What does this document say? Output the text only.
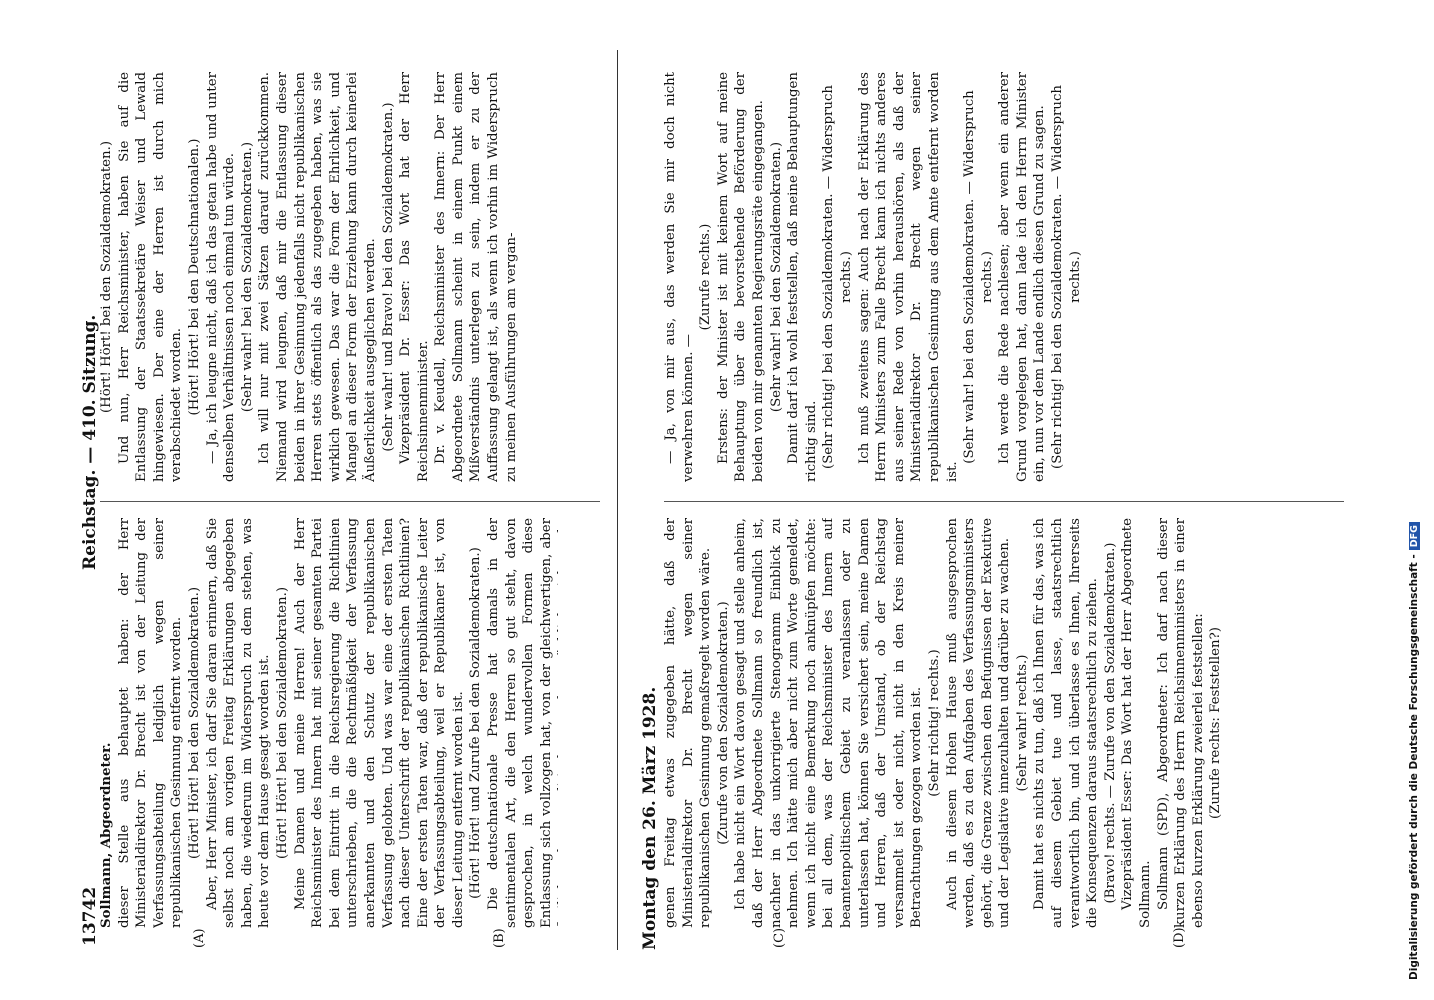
13742
Reichstag. — 410. Sitzung.
(A)	(B)

Sollmann, Abgeordneter. dieser Stelle aus behauptet haben: der Herr Ministerialdirektor Dr. Brecht ist von der Leitung der Verfassungsabteilung lediglich wegen seiner republikanischen Gesinnung entfernt worden. (Hört! Hört! bei den Sozialdemokraten.) Aber, Herr Minister, ich darf Sie daran erinnern, daß Sie selbst noch am vorigen Freitag Erklärungen abgegeben haben, die wiederum im Widerspruch zu dem stehen, was heute vor dem Hause gesagt worden ist. (Hört! Hört! bei den Sozialdemokraten.) Meine Damen und meine Herren! Auch der Herr Reichsminister des Innern hat mit seiner gesamten Partei bei dem Eintritt in die Reichsregierung die Richtlinien unterschrieben, die die Rechtmäßigkeit der Verfassung anerkannten und den Schutz der republikanischen Verfassung gelobten. Und was war eine der ersten Taten nach dieser Unterschrift der republikanischen Richtlinien? Eine der ersten Taten war, daß der republikanische Leiter der Verfassungsabteilung, weil er Republikaner ist, von dieser Leitung entfernt worden ist. (Hört! Hört! und Zurufe bei den Sozialdemokraten.) Die deutschnationale Presse hat damals in der sentimentalen Art, die den Herren so gut steht, davon gesprochen, in welch wundervollen Formen diese Entlassung sich vollzogen hat, von der gleichwertigen, aber

(Hört! Hört! bei den Sozialdemokraten.) Und nun, Herr Reichsminister, haben Sie auf die Entlassung der Staatssekretäre Weiser und Lewald hingewiesen. Der eine der Herren ist durch mich verabschiedet worden. (Hört! Hört! bei den Deutschnationalen.) — Ja, ich leugne nicht, daß ich das getan habe und unter denselben Verhältnissen noch einmal tun würde. (Sehr wahr! bei den Sozialdemokraten.) Ich will nur mit zwei Sätzen darauf zurückkommen. Niemand wird leugnen, daß mir die Entlassung dieser beiden in ihrer Gesinnung jedenfalls nicht republikanischen Herren stets öffentlich als das zugegeben haben, was sie wirklich gewesen. Das war die Form der Ehrlichkeit, und Mangel an dieser Form der Erziehung kann durch keinerlei Äußerlichkeit ausgeglichen werden. (Sehr wahr! und Bravo! bei den Sozialdemokraten.) Vizepräsident Dr. Esser: Das Wort hat der Herr Reichsinnenminister. Dr. v. Keudell, Reichsminister des Innern: Der Herr Abgeordnete Sollmann scheint in einem Punkt einem Mißverständnis unterlegen zu sein, indem er zu der Auffassung gelangt ist, als wenn ich vorhin im Widerspruch zu meinen Ausführungen am vergan-

Montag den 26. März 1928.	(C)	(D)

genen Freitag etwas zugegeben hätte, daß der Ministerialdirektor Dr. Brecht wegen seiner republikanischen Gesinnung gemaßregelt worden wäre. (Zurufe von den Sozialdemokraten.) Ich habe nicht ein Wort davon gesagt und stelle anheim, daß der Herr Abgeordnete Sollmann so freundlich ist, nachher in das unkorrigierte Stenogramm Einblick zu nehmen. Ich hätte mich aber nicht zum Worte gemeldet, wenn ich nicht eine Bemerkung noch anknüpfen möchte: bei all dem, was der Reichsminister des Innern auf beamtenpolitischem Gebiet zu veranlassen oder zu unterlassen hat, können Sie versichert sein, meine Damen und Herren, daß der Umstand, ob der Reichstag versammelt ist oder nicht, nicht in den Kreis meiner Betrachtungen gezogen worden ist. (Sehr richtig! rechts.) Auch in diesem Hohen Hause muß ausgesprochen werden, daß es zu den Aufgaben des Verfassungsministers gehört, die Grenze zwischen den Befugnissen der Exekutive und der Legislative innezuhalten und darüber zu wachen. (Sehr wahr! rechts.) Damit hat es nichts zu tun, daß ich Ihnen für das, was ich auf diesem Gebiet tue und lasse, staatsrechtlich verantwortlich bin, und ich überlasse es Ihnen, Ihrerseits die Konsequenzen daraus staatsrechtlich zu ziehen. (Bravo! rechts. — Zurufe von den Sozialdemokraten.) Vizepräsident Esser: Das Wort hat der Herr Abgeordnete Sollmann. Sollmann (SPD), Abgeordneter: Ich darf nach dieser kurzen Erklärung des Herrn Reichsinnenministers in einer ebenso kurzen Erklärung zweierlei feststellen: (Zurufe rechts: Feststellen?)

— Ja, von mir aus, das werden Sie mir doch nicht verwehren können. —

(Zurufe rechts.) Erstens: der Minister ist mit keinem Wort auf meine Behauptung über die bevorstehende Beförderung der beiden von mir genannten Regierungsräte eingegangen. (Sehr wahr! bei den Sozialdemokraten.) Damit darf ich wohl feststellen, daß meine Behauptungen richtig sind. (Sehr richtig! bei den Sozialdemokraten. — Widerspruch rechts.) Ich muß zweitens sagen: Auch nach der Erklärung des Herrn Ministers zum Falle Brecht kann ich nichts anderes aus seiner Rede von vorhin heraushören, als daß der Ministerialdirektor Dr. Brecht wegen seiner republikanischen Gesinnung aus dem Amte entfernt worden ist.

(Sehr wahr! bei den Sozialdemokraten. — Widerspruch rechts.) Ich werde die Rede nachlesen; aber wenn ein anderer Grund vorgelegen hat, dann lade ich den Herrn Minister ein, nun vor dem Lande endlich diesen Grund zu sagen. (Sehr richtig! bei den Sozialdemokraten. — Widerspruch rechts.)

Digitalisierung gefördert durch die Deutsche Forschungsgemeinschaft -DFG
